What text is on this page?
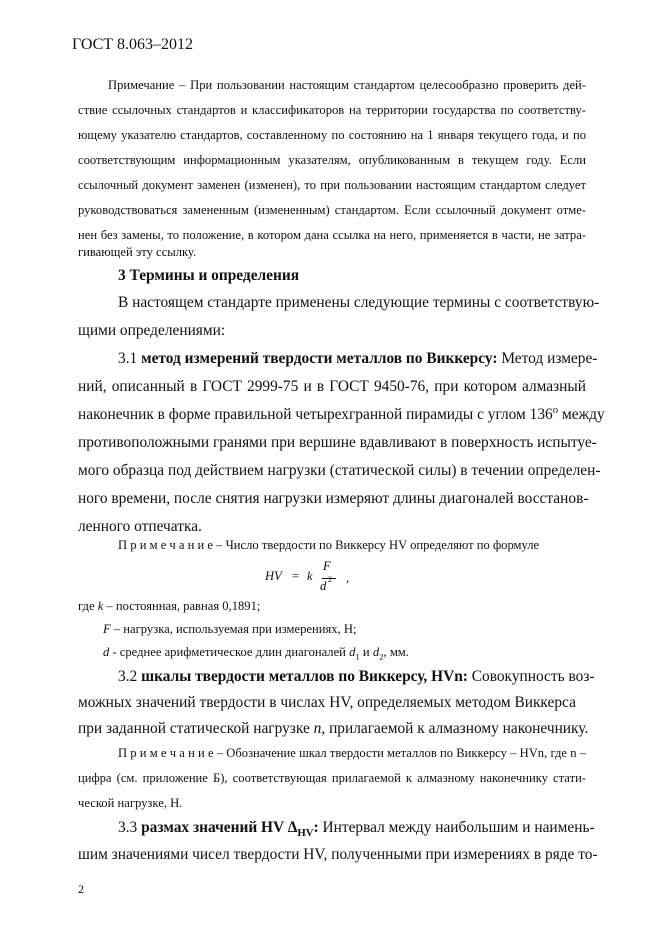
ГОСТ 8.063–2012
Примечание – При пользовании настоящим стандартом целесообразно проверить дей-
ствие ссылочных стандартов и классификаторов на территории государства по соответству-
ющему указателю стандартов, составленному по состоянию на 1 января текущего года, и по
соответствующим информационным указателям, опубликованным в текущем году. Если
ссылочный документ заменен (изменен), то при пользовании настоящим стандартом следует
руководствоваться замененным (измененным) стандартом. Если ссылочный документ отме-
нен без замены, то положение, в котором дана ссылка на него, применяется в части, не затра-
гивающей эту ссылку.
3 Термины и определения
В настоящем стандарте применены следующие термины с соответствую-
щими определениями:
3.1 метод измерений твердости металлов по Виккерсу: Метод измере-
ний, описанный в ГОСТ 2999-75 и в ГОСТ 9450-76, при котором алмазный
наконечник в форме правильной четырехгранной пирамиды с углом $136^о$ между
противоположными гранями при вершине вдавливают в поверхность испытуе-
мого образца под действием нагрузки (статической силы) в течении определен-
ного времени, после снятия нагрузки измеряют длины диагоналей восстанов-
ленного отпечатка.
П р и м е ч а н и е – Число твердости по Виккерсу HV определяют по формуле
HV = k
F
d 2 ,
где k – постоянная, равная 0,1891;
F – нагрузка, используемая при измерениях, Н;
d - среднее арифметическое длин диагоналей $d_1$ и $d_2$, мм.
3.2 шкалы твердости металлов по Виккерсу, HVn: Совокупность воз-
можных значений твердости в числах HV, определяемых методом Виккерса
при заданной статической нагрузке n, прилагаемой к алмазному наконечнику.
П р и м е ч а н и е – Обозначение шкал твердости металлов по Виккерсу – HVn, где n –
цифра (см. приложение Б), соответствующая прилагаемой к алмазному наконечнику стати-
ческой нагрузке, Н.
3.3 размах значений HV $\Delta_{HV}$: Интервал между наибольшим и наимень-
шим значениями чисел твердости HV, полученными при измерениях в ряде то-
2
